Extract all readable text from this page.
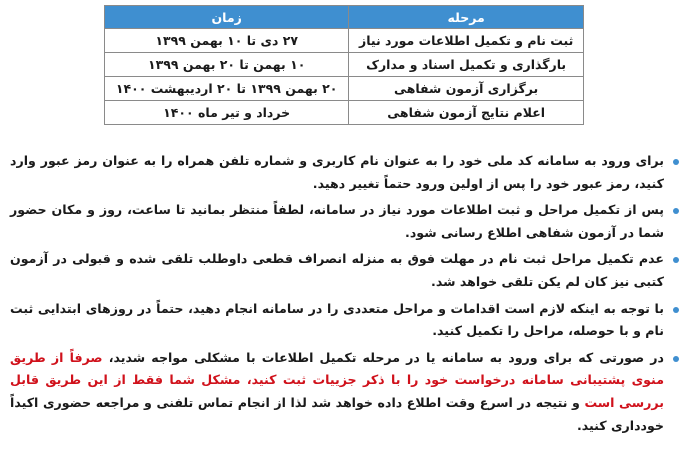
مرحله	زمان
ثبت نام و تکمیل اطلاعات مورد نیاز	۲۷ دی تا ۱۰ بهمن ۱۳۹۹
بارگذاری و تکمیل اسناد و مدارک	۱۰ بهمن تا ۲۰ بهمن ۱۳۹۹
برگزاری آزمون شفاهی	۲۰ بهمن ۱۳۹۹ تا ۲۰ اردیبهشت ۱۴۰۰
اعلام نتایج آزمون شفاهی	خرداد و تیر ماه ۱۴۰۰
برای ورود به سامانه کد ملی خود را به عنوان نام کاربری و شماره تلفن همراه را به عنوان رمز عبور وارد کنید، رمز عبور خود را پس از اولین ورود حتماً تغییر دهید.
پس از تکمیل مراحل و ثبت اطلاعات مورد نیاز در سامانه، لطفاً منتظر بمانید تا ساعت، روز و مکان حضور شما در آزمون شفاهی اطلاع رسانی شود.
عدم تکمیل مراحل ثبت نام در مهلت فوق به منزله انصراف قطعی داوطلب تلقی شده و قبولی در آزمون کتبی نیز کان لم یکن تلقی خواهد شد.
با توجه به اینکه لازم است اقدامات و مراحل متعددی را در سامانه انجام دهید، حتماً در روزهای ابتدایی ثبت نام و با حوصله، مراحل را تکمیل کنید.
در صورتی که برای ورود به سامانه یا در مرحله تکمیل اطلاعات با مشکلی مواجه شدید، صرفاً از طریق منوی پشتیبانی سامانه درخواست خود را با ذکر جزییات ثبت کنید، مشکل شما فقط از این طریق قابل بررسی است و نتیجه در اسرع وقت اطلاع داده خواهد شد لذا از انجام تماس تلفنی و مراجعه حضوری اکیداً خودداری کنید.
